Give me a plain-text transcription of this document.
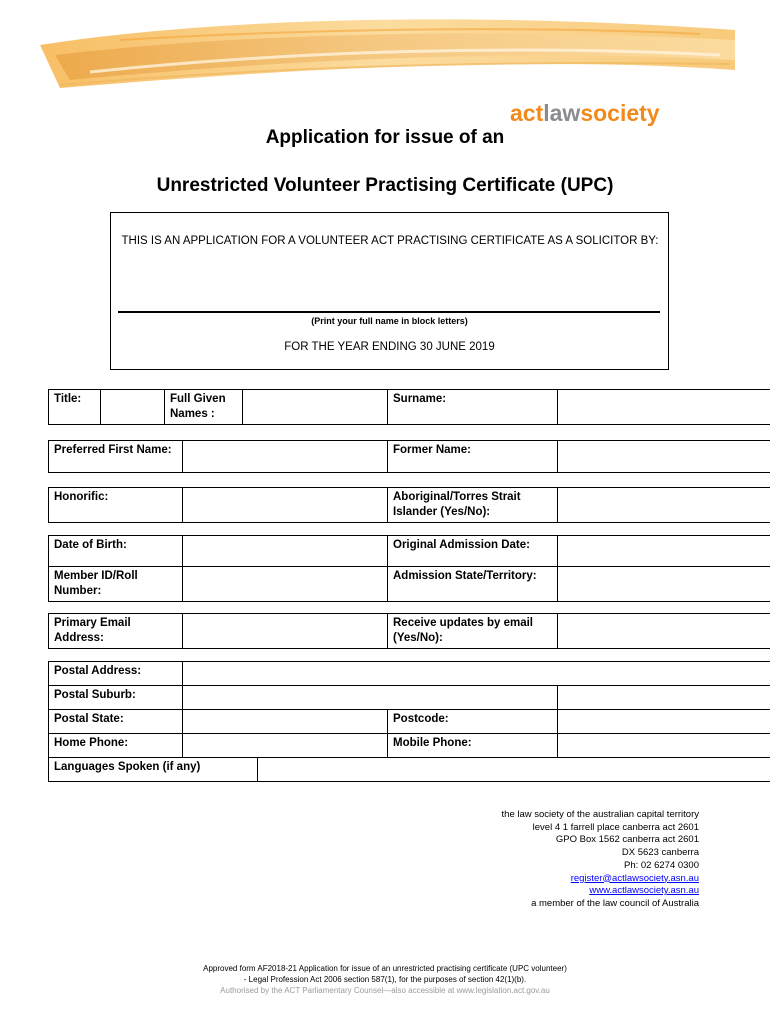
actlawsociety
Application for issue of an
Unrestricted Volunteer Practising Certificate (UPC)
THIS IS AN APPLICATION FOR A VOLUNTEER ACT PRACTISING CERTIFICATE AS A SOLICITOR BY:
(Print your full name in block letters)
FOR THE YEAR ENDING 30 JUNE 2019
Title:		Full Given Names :		Surname:	
Preferred First Name:		Former Name:	
Honorific:		Aboriginal/Torres Strait Islander (Yes/No):	
Date of Birth:		Original Admission Date:	
Member ID/Roll Number:		Admission State/Territory:	
Primary Email Address:		Receive updates by email (Yes/No):	
Postal Address:			
Postal Suburb:			
Postal State:		Postcode:	
Home Phone:		Mobile Phone:	
Languages Spoken (if any)	
the law society of the australian capital territory
level 4 1 farrell place canberra act 2601
GPO Box 1562 canberra act 2601
DX 5623 canberra
Ph: 02 6274 0300
register@actlawsociety.asn.au
www.actlawsociety.asn.au
a member of the law council of Australia
Approved form AF2018-21 Application for issue of an unrestricted practising certificate (UPC volunteer)
- Legal Profession Act 2006 section 587(1), for the purposes of section 42(1)(b).
Authorised by the ACT Parliamentary Counsel—also accessible at www.legislation.act.gov.au
